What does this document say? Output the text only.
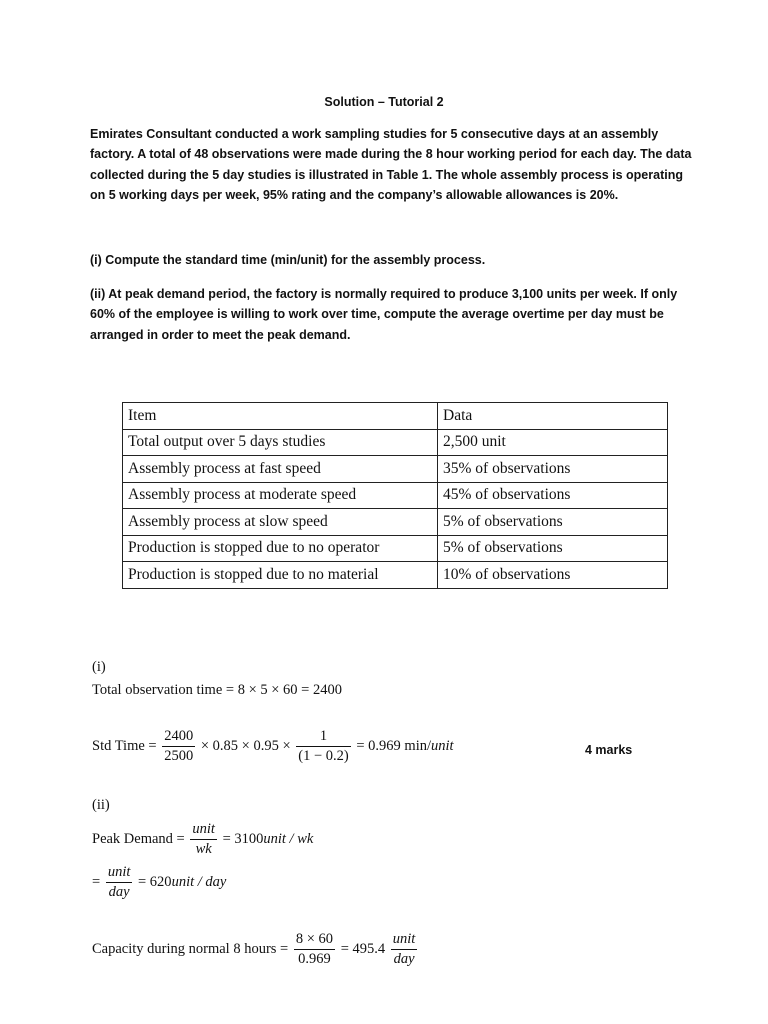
Solution – Tutorial 2

Emirates Consultant conducted a work sampling studies for 5 consecutive days at an assembly factory. A total of 48 observations were made during the 8 hour working period for each day. The data collected during the 5 day studies is illustrated in Table 1. The whole assembly process is operating on 5 working days per week, 95% rating and the company’s allowable allowances is 20%.

(i) Compute the standard time (min/unit) for the assembly process.

(ii) At peak demand period, the factory is normally required to produce 3,100 units per week. If only 60% of the employee is willing to work over time, compute the average overtime per day must be arranged in order to meet the peak demand.

Item	Data
Total output over 5 days studies	2,500 unit
Assembly process at fast speed	35% of observations
Assembly process at moderate speed	45% of observations
Assembly process at slow speed	5% of observations
Production is stopped due to no operator	5% of observations
Production is stopped due to no material	10% of observations
(i)
Total observation time = 8 × 5 × 60 = 2400
Std Time = $\frac{2400}{2500} \times 0.85 \times 0.95 \times \frac{1}{(1 - 0.2)} = 0.969$ min/unit	4 marks
(ii)
Peak Demand = $\frac{\text{unit}}{wk}$ = 3100unit / wk
= $\frac{\text{unit}}{\text{day}}$ = 620unit / day
Capacity during normal 8 hours = $\frac{8 \times 60}{0.969} = 495.4 \frac{\text{unit}}{\text{day}}$
